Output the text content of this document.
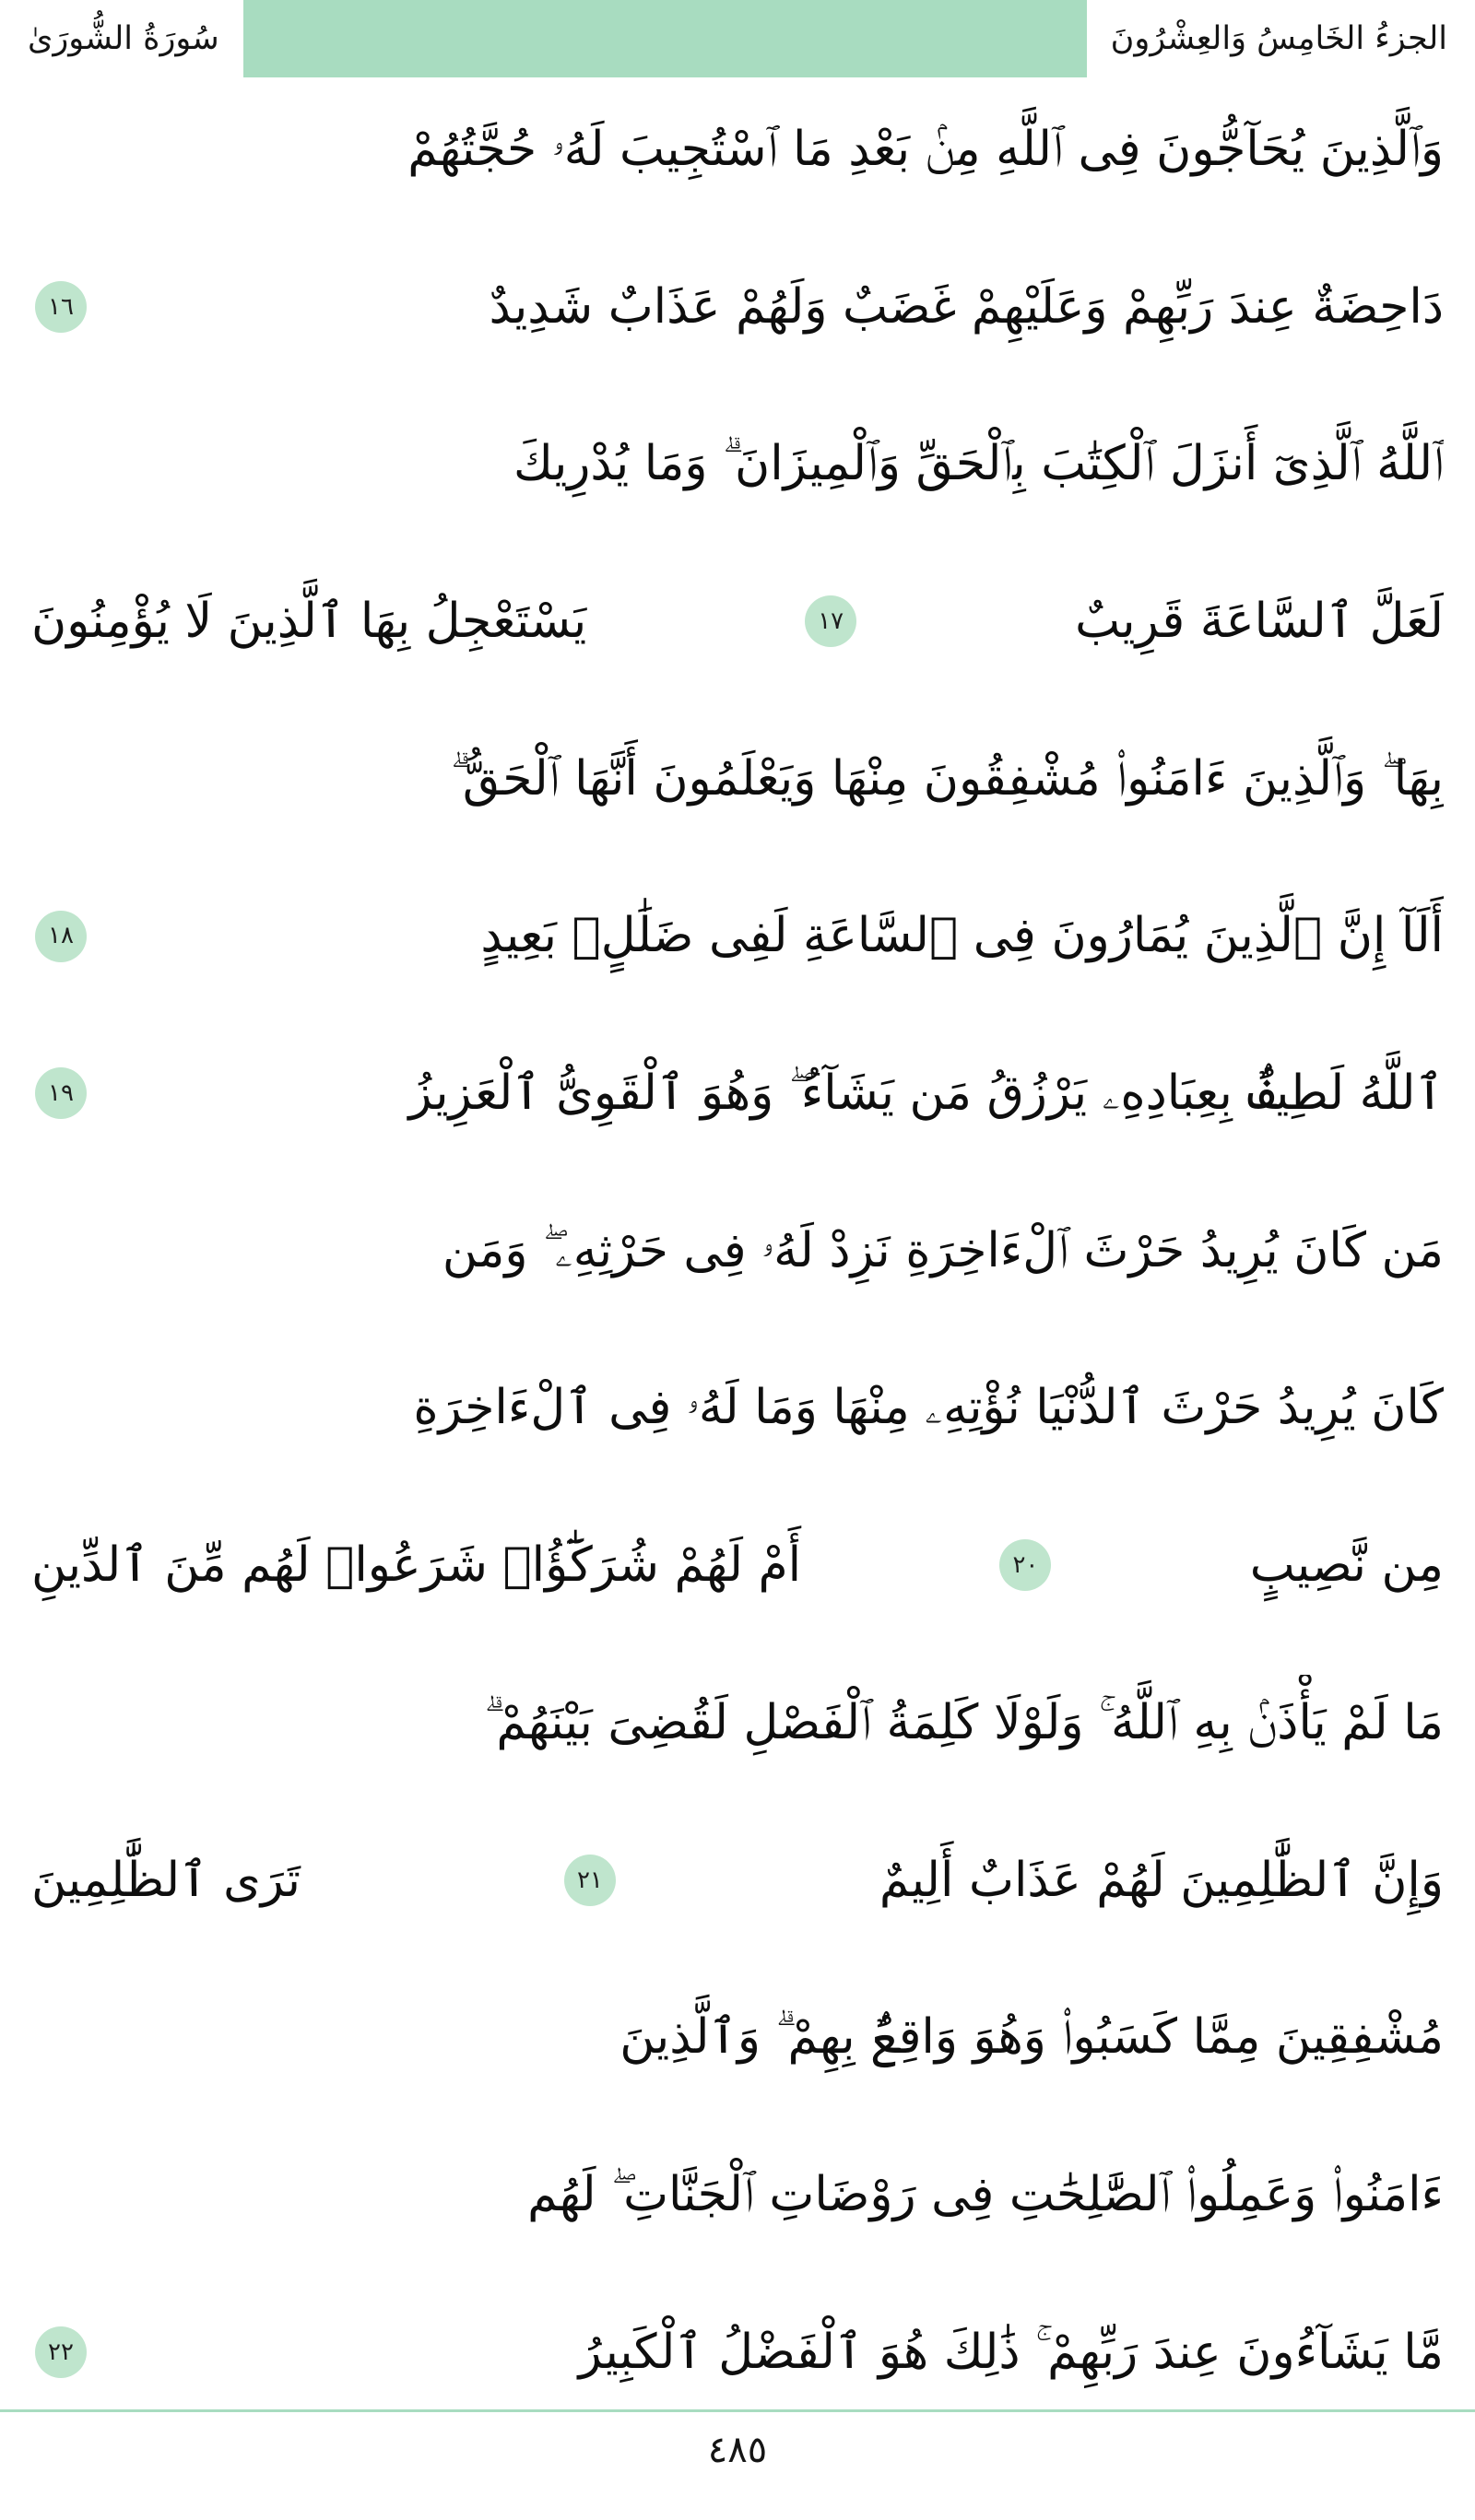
الجزءُ الخَامِسُ وَالعِشْرُونَ
سُورَةُ الشُّورَىٰ
وَٱلَّذِينَ يُحَآجُّونَ فِى ٱللَّهِ مِنۢ بَعْدِ مَا ٱسْتُجِيبَ لَهُۥ حُجَّتُهُمْ
دَاحِضَةٌ عِندَ رَبِّهِمْ وَعَلَيْهِمْ غَضَبٌ وَلَهُمْ عَذَابٌ شَدِيدٌ
١٦
ٱللَّهُ ٱلَّذِىٓ أَنزَلَ ٱلْكِتَٰبَ بِٱلْحَقِّ وَٱلْمِيزَانَ ۗ وَمَا يُدْرِيكَ
لَعَلَّ ٱلسَّاعَةَ قَرِيبٌ
١٧
يَسْتَعْجِلُ بِهَا ٱلَّذِينَ لَا يُؤْمِنُونَ
بِهَا ۖ وَٱلَّذِينَ ءَامَنُوا۟ مُشْفِقُونَ مِنْهَا وَيَعْلَمُونَ أَنَّهَا ٱلْحَقُّ ۗ
أَلَآ إِنَّ ٱلَّذِينَ يُمَارُونَ فِى ٱلسَّاعَةِ لَفِى ضَلَٰلٍۭ بَعِيدٍ
١٨
ٱللَّهُ لَطِيفٌۢ بِعِبَادِهِۦ يَرْزُقُ مَن يَشَآءُ ۖ وَهُوَ ٱلْقَوِىُّ ٱلْعَزِيزُ
١٩
مَن كَانَ يُرِيدُ حَرْثَ ٱلْءَاخِرَةِ نَزِدْ لَهُۥ فِى حَرْثِهِۦ ۖ وَمَن
كَانَ يُرِيدُ حَرْثَ ٱلدُّنْيَا نُؤْتِهِۦ مِنْهَا وَمَا لَهُۥ فِى ٱلْءَاخِرَةِ
مِن نَّصِيبٍ
٢٠
أَمْ لَهُمْ شُرَكَٰٓؤُا۟ شَرَعُوا۟ لَهُم مِّنَ ٱلدِّينِ
مَا لَمْ يَأْذَنۢ بِهِ ٱللَّهُ ۚ وَلَوْلَا كَلِمَةُ ٱلْفَصْلِ لَقُضِىَ بَيْنَهُمْ ۗ
وَإِنَّ ٱلظَّٰلِمِينَ لَهُمْ عَذَابٌ أَلِيمٌ
٢١
تَرَى ٱلظَّٰلِمِينَ
مُشْفِقِينَ مِمَّا كَسَبُوا۟ وَهُوَ وَاقِعٌۢ بِهِمْ ۗ وَٱلَّذِينَ
ءَامَنُوا۟ وَعَمِلُوا۟ ٱلصَّٰلِحَٰتِ فِى رَوْضَاتِ ٱلْجَنَّاتِ ۖ لَهُم
مَّا يَشَآءُونَ عِندَ رَبِّهِمْ ۚ ذَٰلِكَ هُوَ ٱلْفَضْلُ ٱلْكَبِيرُ
٢٢
٤٨٥
